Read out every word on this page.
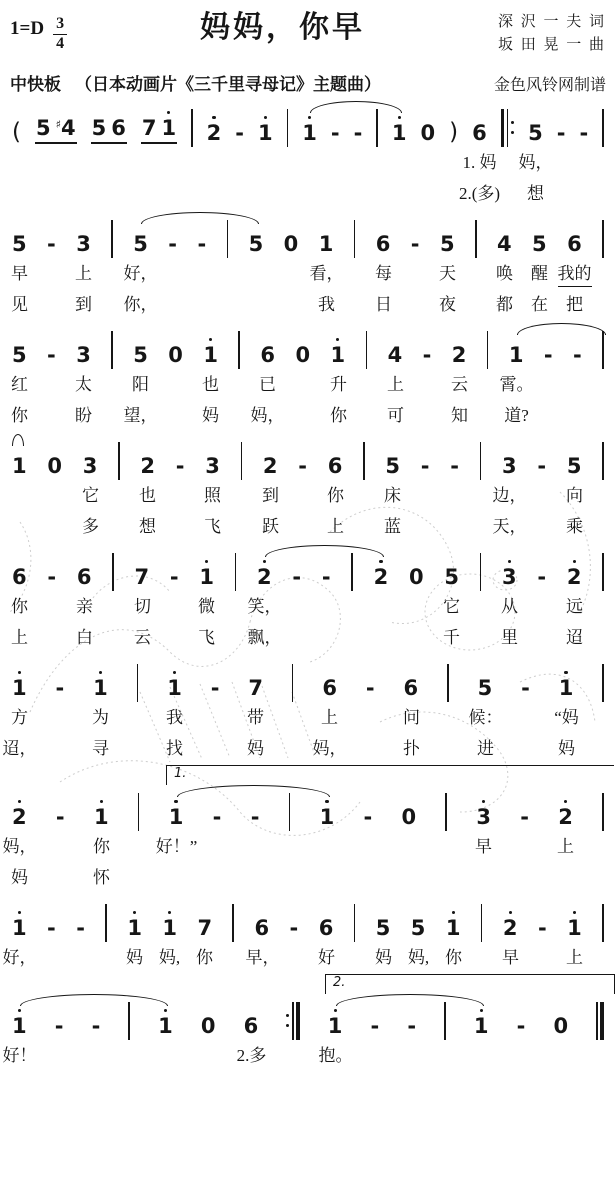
$1=D \frac{3}{4}$	妈妈，你早	深 沢 一 夫 词
坂 田 晃 一 曲
中快板 （日本动画片《三千里寻母记》主题曲）	金色风铃网制谱
( 5 ♯4 5 6 7 1 2 - 1 1 - - 1 0 ) 6 5 - -
1. 妈 妈，
2.(多) 想
5 - 3 5 - - 5 0 1 6 - 5 4 5 6
早	上 好，	看， 每	天 唤 醒 我的
见	到 你，	我 日	夜 都 在 把
5 - 3 5 0 1 6 0 1 4 - 2 1 - -
红	太 阳	也 已	升 上	云 霄。
你	盼 望，	妈 妈，	你 可	知 道?
1 0 3 2 - 3 2 - 6 5 - - 3 - 5
它 也	照 到	你 床	边， 向
多 想	飞 跃	上 蓝	天， 乘
6 - 6 7 - 1 2 - - 2 0 5 3 - 2
你	亲 切	微 笑，	它 从	远
上	白 云	飞 飘，	千 里	迢
1 - 1	1 - 7	6 - 6	5 - 1
方	为	我	带	上	问	候：	“妈
迢，	寻	找	妈	妈，	扑	进	妈
2 - 1	1 - -	1 - 0	3 - 2
1.
妈，	你	好！”	早	上
妈	怀
1 - - 1 1 7 6 - 6 5 5 1 2 - 1
好，	妈 妈, 你 早， 好 妈 妈, 你 早	上
1 - -	1 0 6	1 - -	1 - 0
2.
好！	2.多	抱。
